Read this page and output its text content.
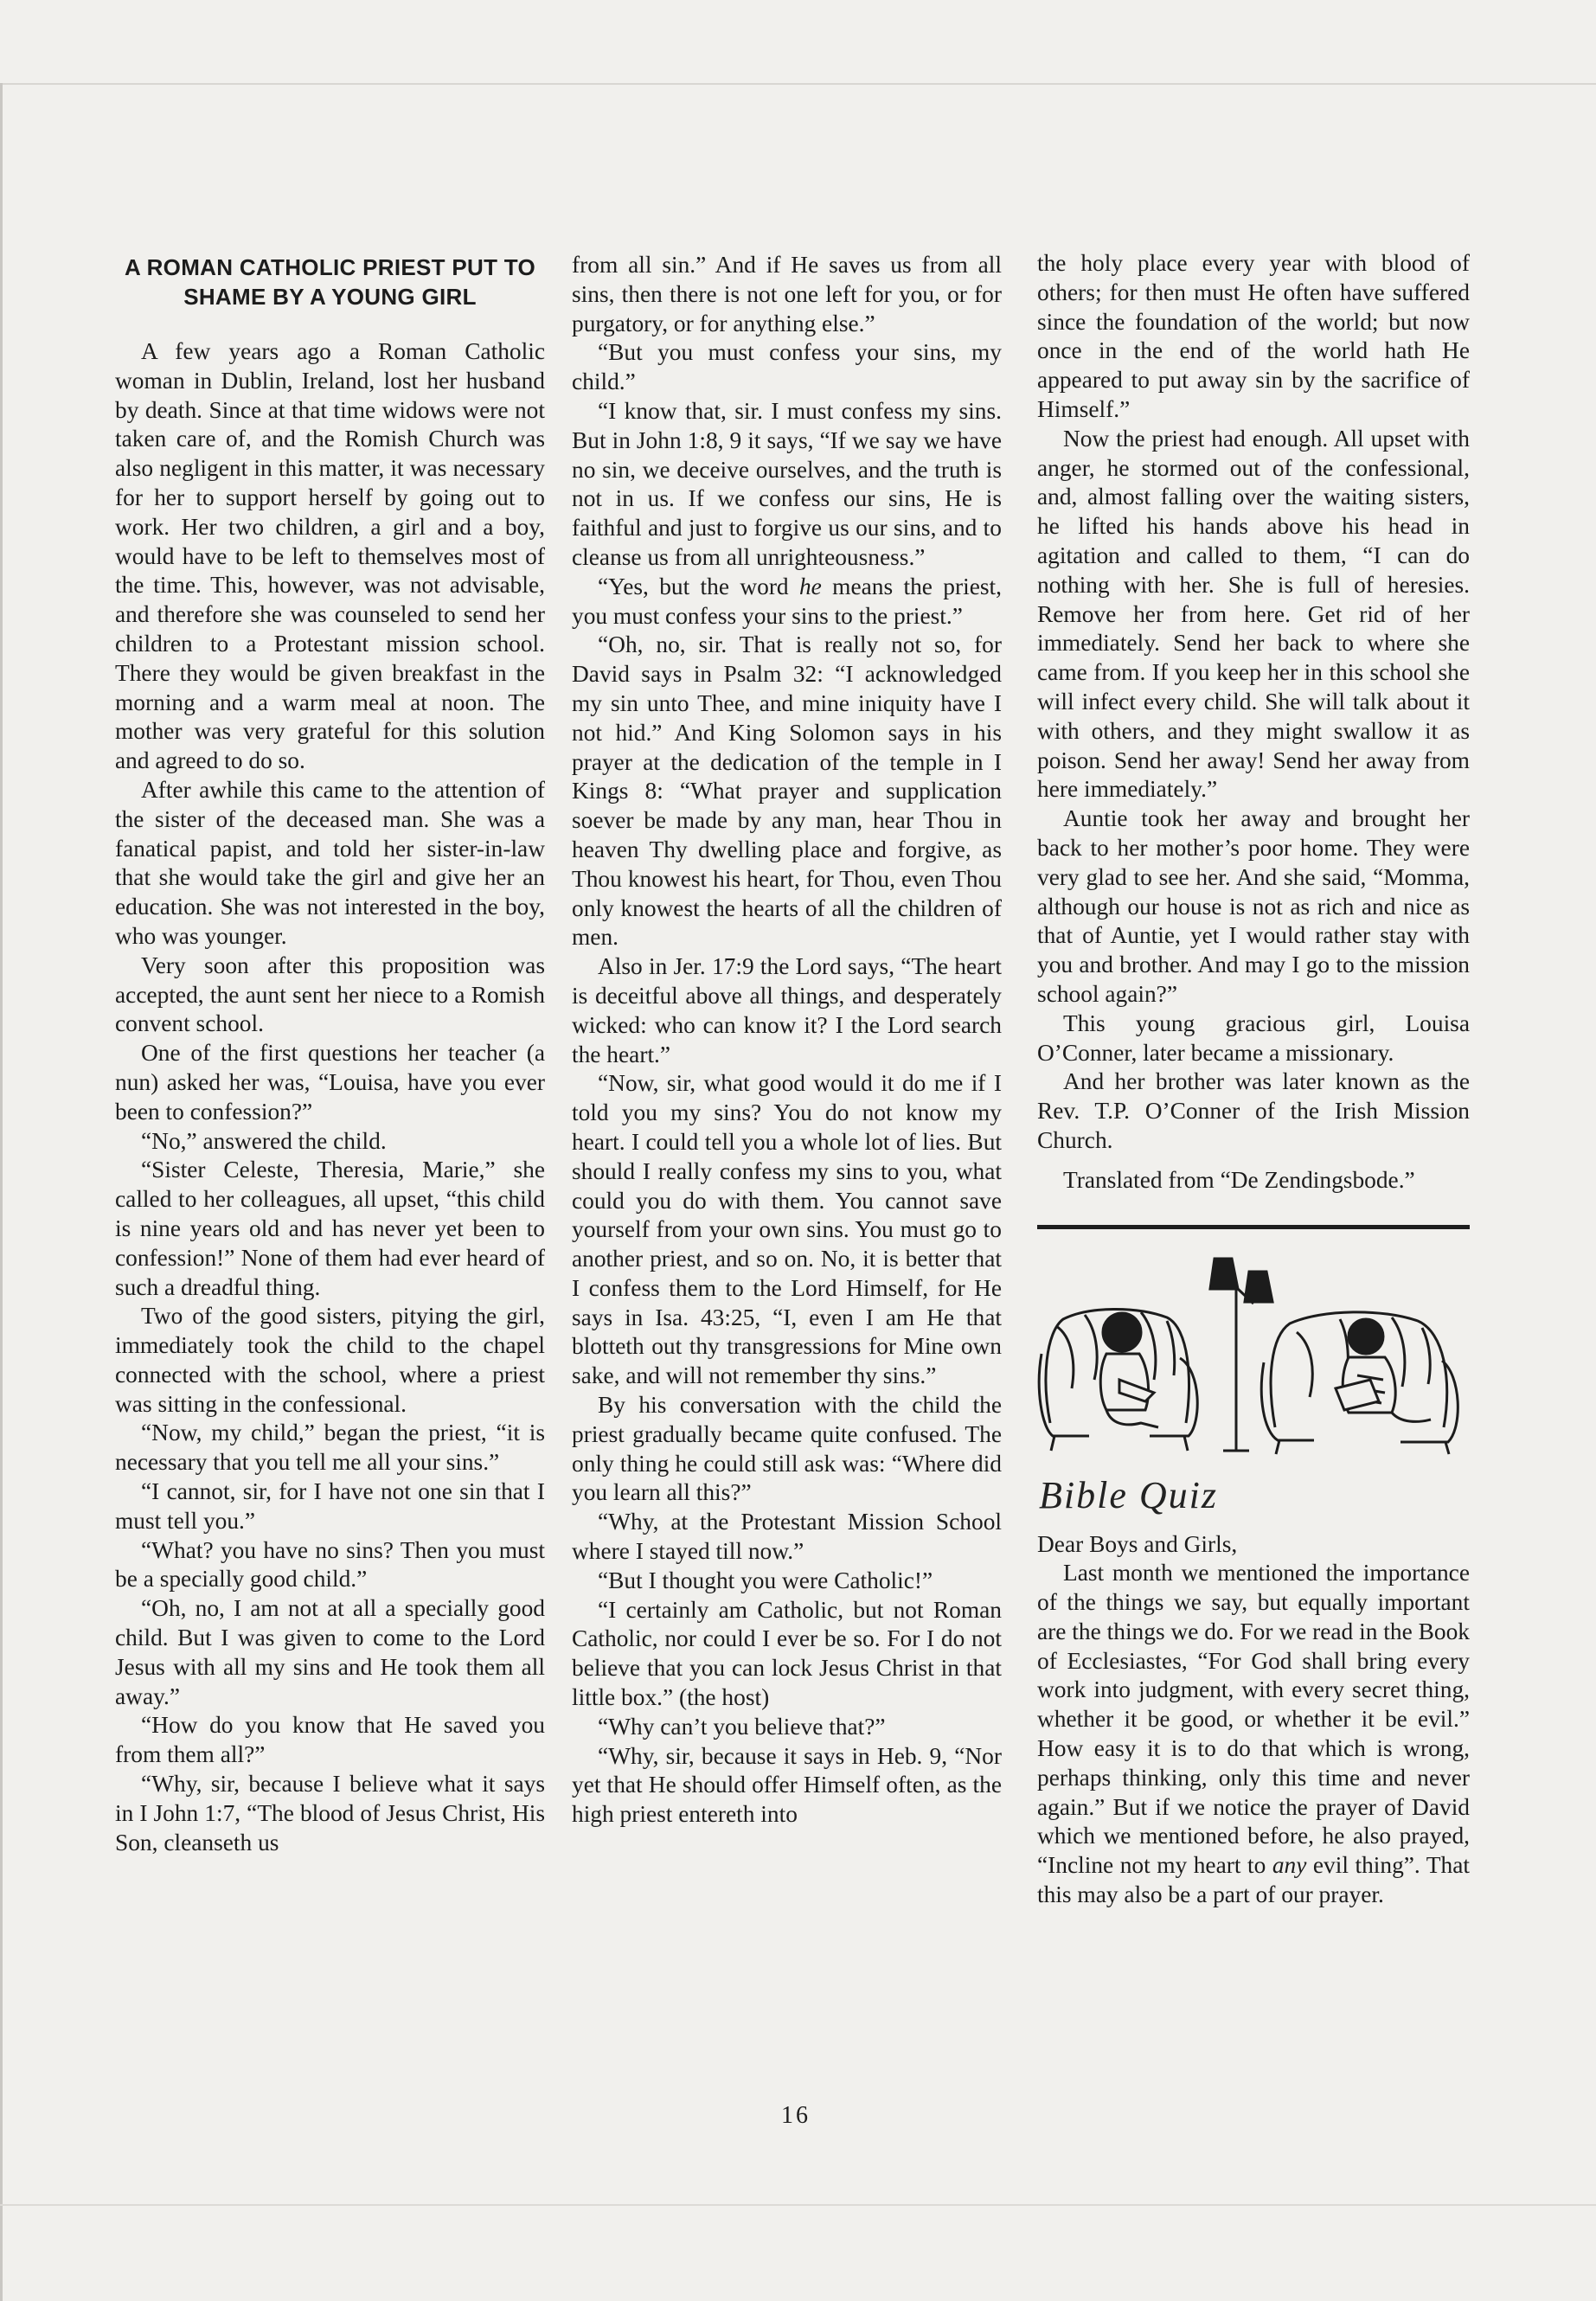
A ROMAN CATHOLIC PRIEST PUT TO SHAME BY A YOUNG GIRL

A few years ago a Roman Catholic woman in Dublin, Ireland, lost her husband by death. Since at that time widows were not taken care of, and the Romish Church was also negligent in this matter, it was necessary for her to support herself by going out to work. Her two children, a girl and a boy, would have to be left to themselves most of the time. This, however, was not advisable, and therefore she was counseled to send her children to a Protestant mission school. There they would be given breakfast in the morning and a warm meal at noon. The mother was very grateful for this solution and agreed to do so.

After awhile this came to the attention of the sister of the deceased man. She was a fanatical papist, and told her sister-in-law that she would take the girl and give her an education. She was not interested in the boy, who was younger.

Very soon after this proposition was accepted, the aunt sent her niece to a Romish convent school.

One of the first questions her teacher (a nun) asked her was, “Louisa, have you ever been to confession?”

“No,” answered the child.

“Sister Celeste, Theresia, Marie,” she called to her colleagues, all upset, “this child is nine years old and has never yet been to confession!” None of them had ever heard of such a dreadful thing.

Two of the good sisters, pitying the girl, immediately took the child to the chapel connected with the school, where a priest was sitting in the confessional.

“Now, my child,” began the priest, “it is necessary that you tell me all your sins.”

“I cannot, sir, for I have not one sin that I must tell you.”

“What? you have no sins? Then you must be a specially good child.”

“Oh, no, I am not at all a specially good child. But I was given to come to the Lord Jesus with all my sins and He took them all away.”

“How do you know that He saved you from them all?”

“Why, sir, because I believe what it says in I John 1:7, “The blood of Jesus Christ, His Son, cleanseth us

from all sin.” And if He saves us from all sins, then there is not one left for you, or for purgatory, or for anything else.”

“But you must confess your sins, my child.”

“I know that, sir. I must confess my sins. But in John 1:8, 9 it says, “If we say we have no sin, we deceive ourselves, and the truth is not in us. If we confess our sins, He is faithful and just to forgive us our sins, and to cleanse us from all unrighteousness.”

“Yes, but the word he means the priest, you must confess your sins to the priest.”

“Oh, no, sir. That is really not so, for David says in Psalm 32: “I acknowledged my sin unto Thee, and mine iniquity have I not hid.” And King Solomon says in his prayer at the dedication of the temple in I Kings 8: “What prayer and supplication soever be made by any man, hear Thou in heaven Thy dwelling place and forgive, as Thou knowest his heart, for Thou, even Thou only knowest the hearts of all the children of men.

Also in Jer. 17:9 the Lord says, “The heart is deceitful above all things, and desperately wicked: who can know it? I the Lord search the heart.”

“Now, sir, what good would it do me if I told you my sins? You do not know my heart. I could tell you a whole lot of lies. But should I really confess my sins to you, what could you do with them. You cannot save yourself from your own sins. You must go to another priest, and so on. No, it is better that I confess them to the Lord Himself, for He says in Isa. 43:25, “I, even I am He that blotteth out thy transgressions for Mine own sake, and will not remember thy sins.”

By his conversation with the child the priest gradually became quite confused. The only thing he could still ask was: “Where did you learn all this?”

“Why, at the Protestant Mission School where I stayed till now.”

“But I thought you were Catholic!”

“I certainly am Catholic, but not Roman Catholic, nor could I ever be so. For I do not believe that you can lock Jesus Christ in that little box.” (the host)

“Why can’t you believe that?”

“Why, sir, because it says in Heb. 9, “Nor yet that He should offer Himself often, as the high priest entereth into

the holy place every year with blood of others; for then must He often have suffered since the foundation of the world; but now once in the end of the world hath He appeared to put away sin by the sacrifice of Himself.”

Now the priest had enough. All upset with anger, he stormed out of the confessional, and, almost falling over the waiting sisters, he lifted his hands above his head in agitation and called to them, “I can do nothing with her. She is full of heresies. Remove her from here. Get rid of her immediately. Send her back to where she came from. If you keep her in this school she will infect every child. She will talk about it with others, and they might swallow it as poison. Send her away! Send her away from here immediately.”

Auntie took her away and brought her back to her mother’s poor home. They were very glad to see her. And she said, “Momma, although our house is not as rich and nice as that of Auntie, yet I would rather stay with you and brother. And may I go to the mission school again?”

This young gracious girl, Louisa O’Conner, later became a missionary.

And her brother was later known as the Rev. T.P. O’Conner of the Irish Mission Church.

Translated from “De Zendingsbode.”

Bible Quiz

Dear Boys and Girls,

Last month we mentioned the importance of the things we say, but equally important are the things we do. For we read in the Book of Ecclesiastes, “For God shall bring every work into judgment, with every secret thing, whether it be good, or whether it be evil.” How easy it is to do that which is wrong, perhaps thinking, only this time and never again.” But if we notice the prayer of David which we mentioned before, he also prayed, “Incline not my heart to any evil thing”. That this may also be a part of our prayer.

16
